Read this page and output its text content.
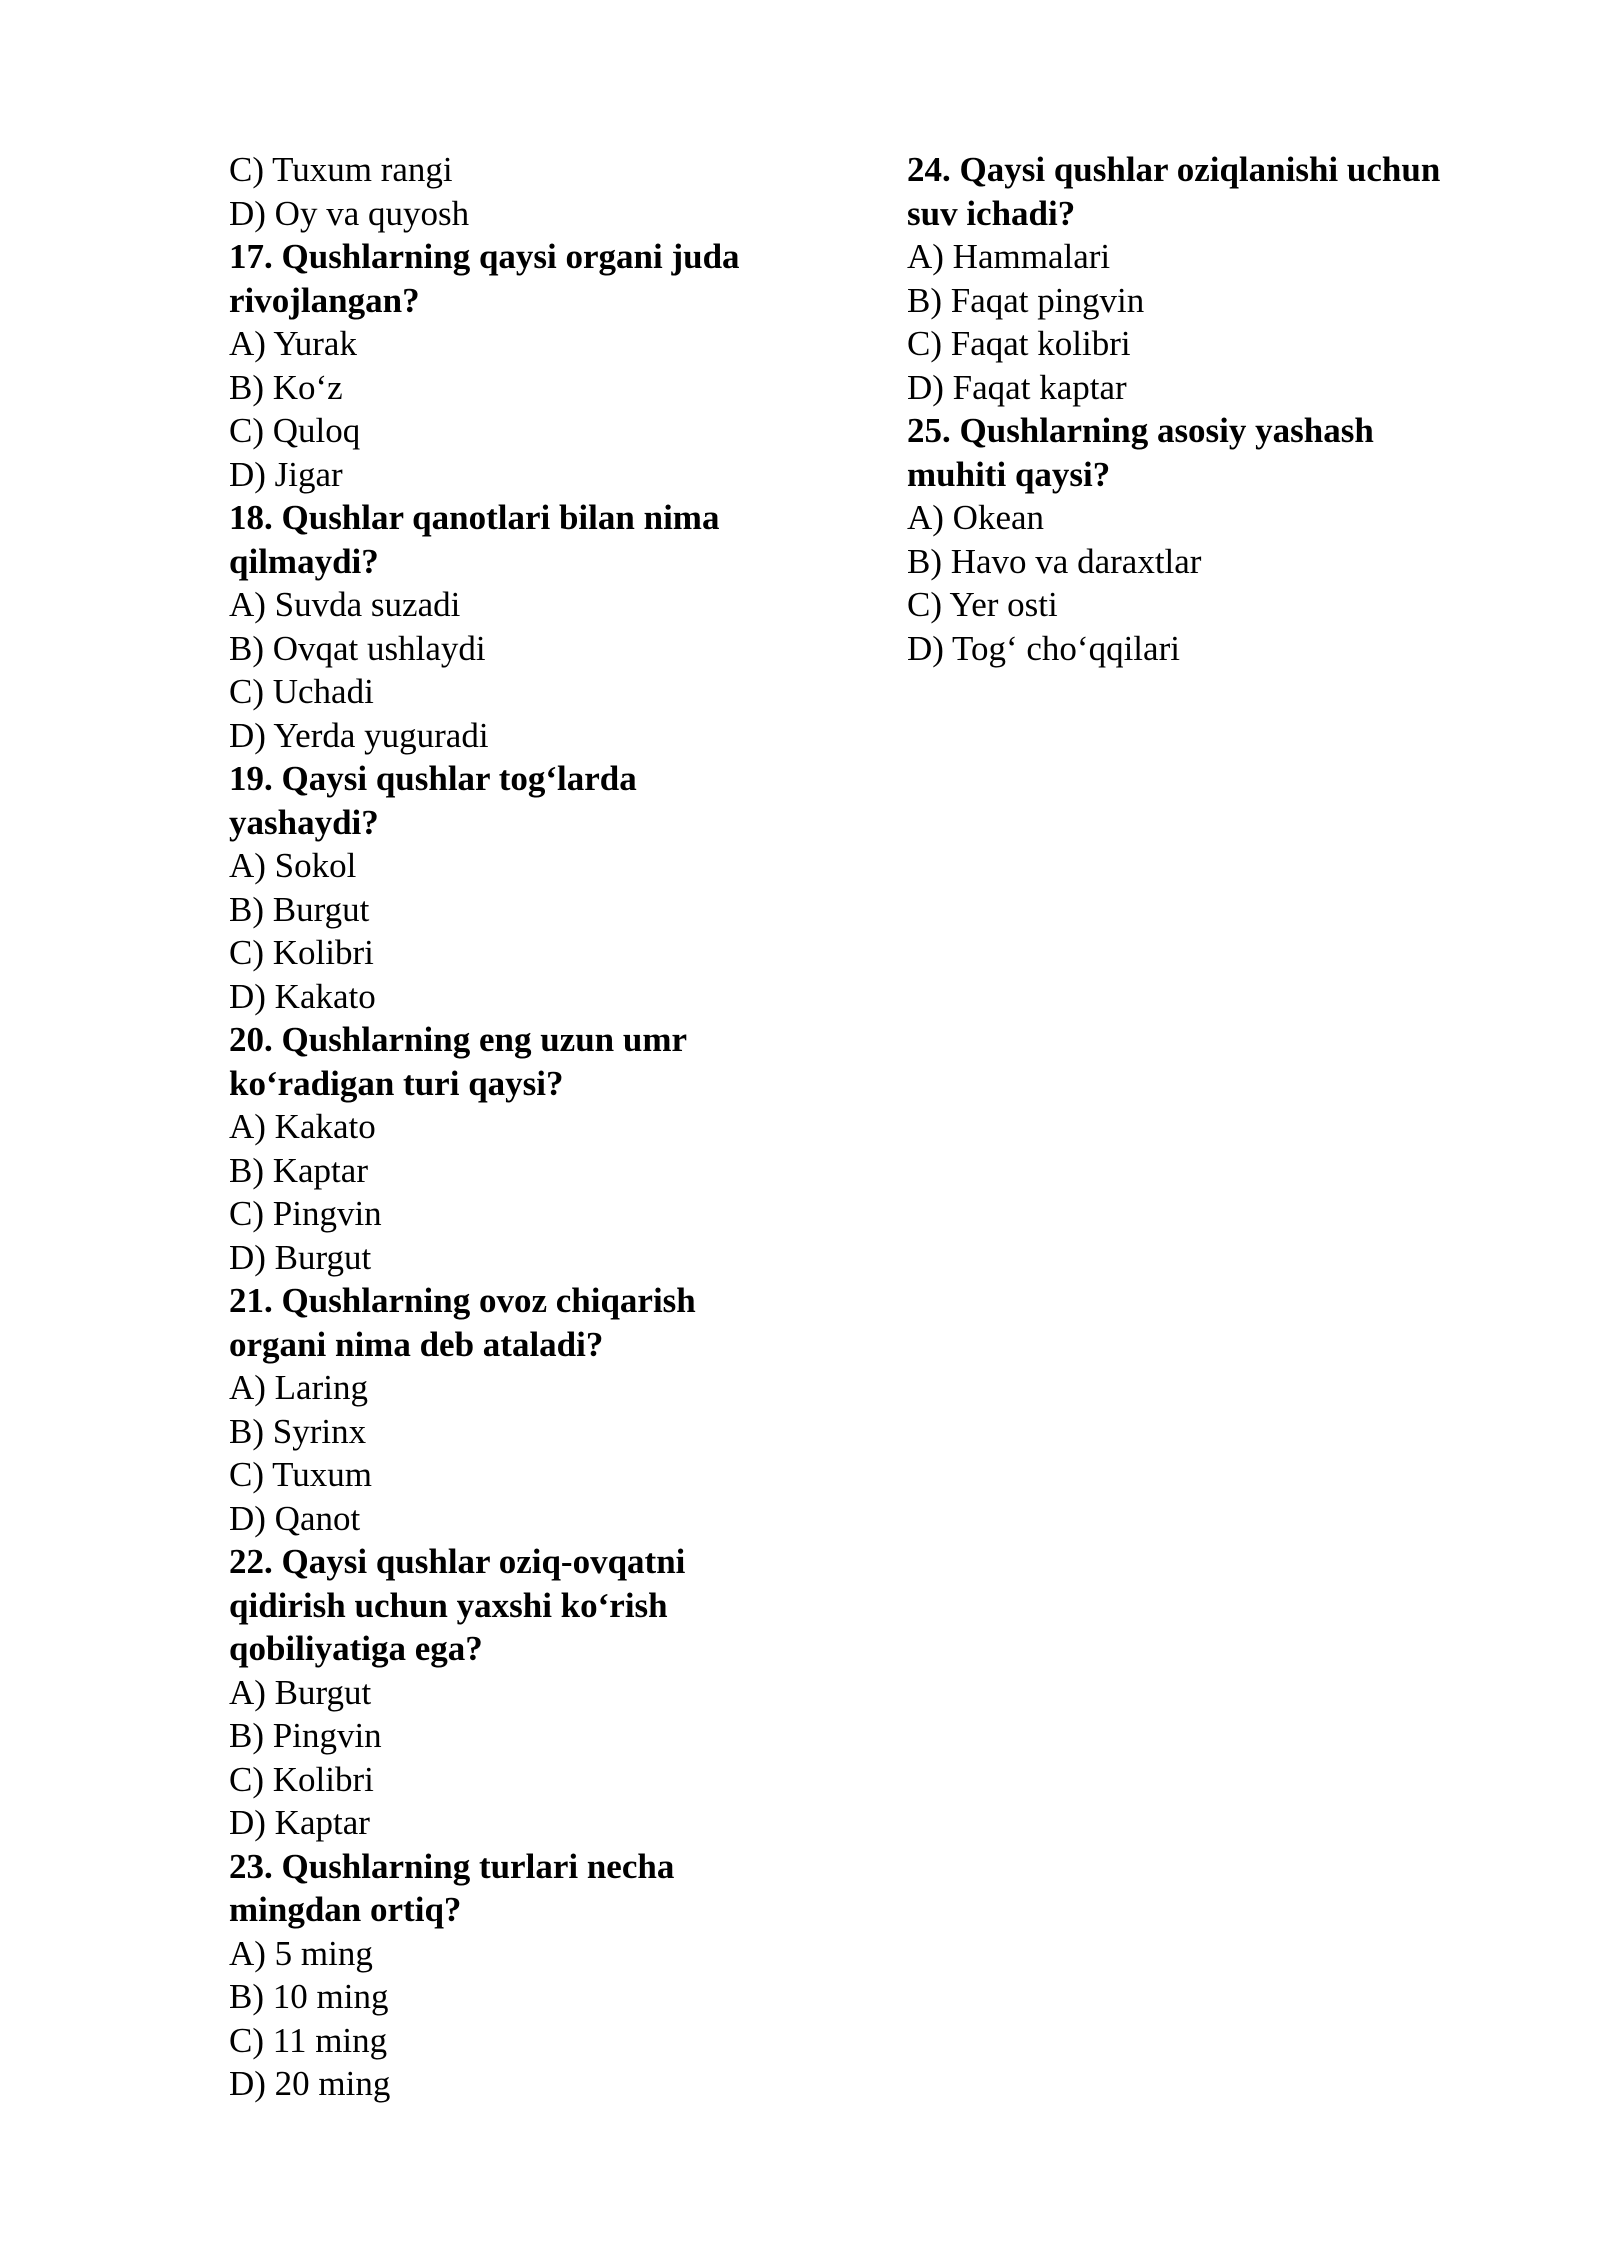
C) Tuxum rangi
D) Oy va quyosh
17. Qushlarning qaysi organi juda
rivojlangan?
A) Yurak
B) Koʻz
C) Quloq
D) Jigar
18. Qushlar qanotlari bilan nima
qilmaydi?
A) Suvda suzadi
B) Ovqat ushlaydi
C) Uchadi
D) Yerda yuguradi
19. Qaysi qushlar togʻlarda
yashaydi?
A) Sokol
B) Burgut
C) Kolibri
D) Kakato
20. Qushlarning eng uzun umr
koʻradigan turi qaysi?
A) Kakato
B) Kaptar
C) Pingvin
D) Burgut
21. Qushlarning ovoz chiqarish
organi nima deb ataladi?
A) Laring
B) Syrinx
C) Tuxum
D) Qanot
22. Qaysi qushlar oziq-ovqatni
qidirish uchun yaxshi koʻrish
qobiliyatiga ega?
A) Burgut
B) Pingvin
C) Kolibri
D) Kaptar
23. Qushlarning turlari necha
mingdan ortiq?
A) 5 ming
B) 10 ming
C) 11 ming
D) 20 ming
24. Qaysi qushlar oziqlanishi uchun
suv ichadi?
A) Hammalari
B) Faqat pingvin
C) Faqat kolibri
D) Faqat kaptar
25. Qushlarning asosiy yashash
muhiti qaysi?
A) Okean
B) Havo va daraxtlar
C) Yer osti
D) Togʻ choʻqqilari
